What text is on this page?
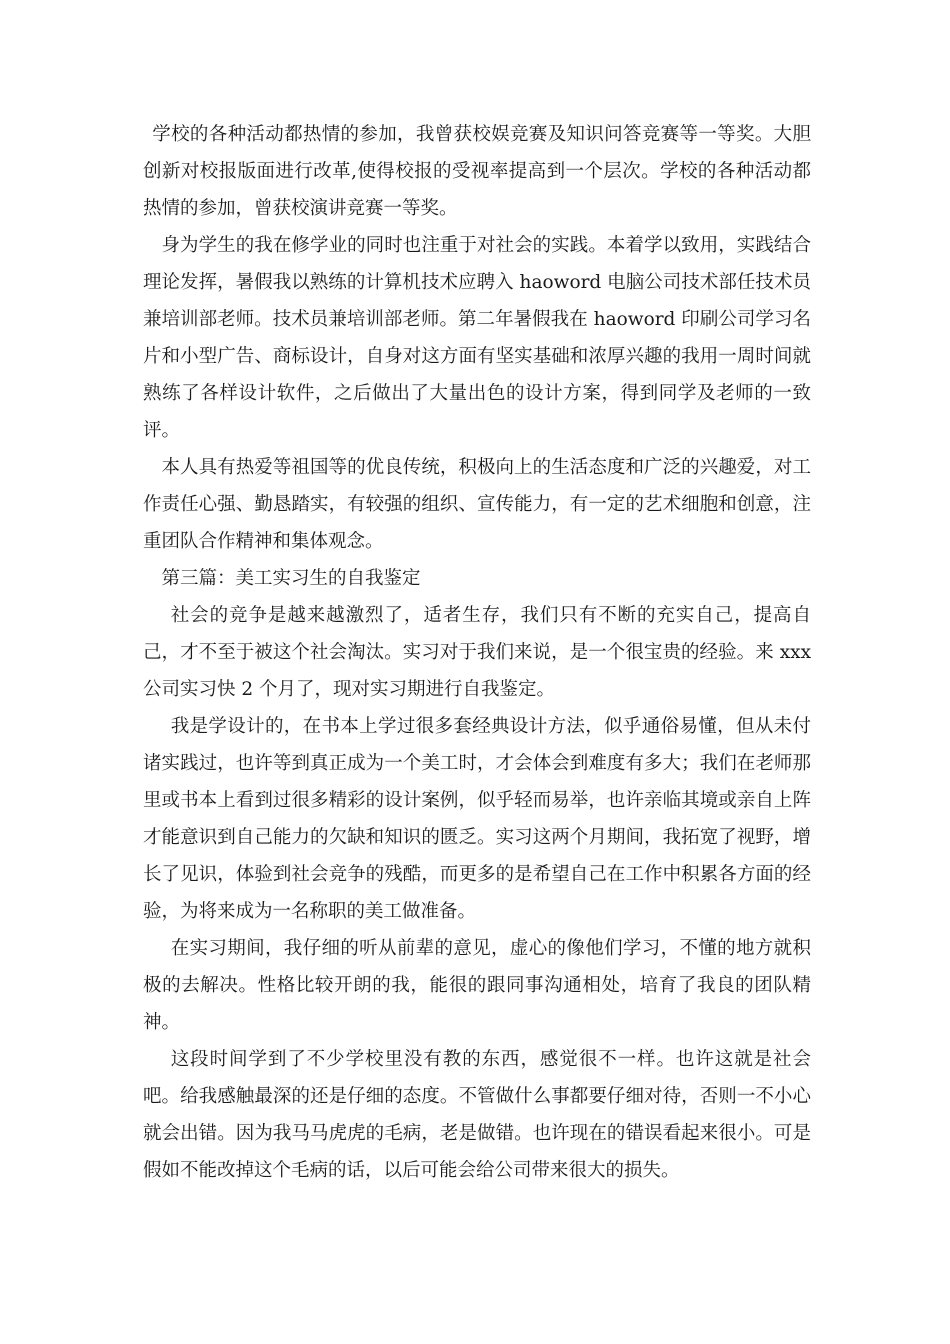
学校的各种活动都热情的参加，我曾获校娱竞赛及知识问答竞赛等一等奖。大胆创新对校报版面进行改革,使得校报的受视率提高到一个层次。学校的各种活动都热情的参加，曾获校演讲竞赛一等奖。

身为学生的我在修学业的同时也注重于对社会的实践。本着学以致用，实践结合理论发挥，暑假我以熟练的计算机技术应聘入 haoword 电脑公司技术部任技术员兼培训部老师。技术员兼培训部老师。第二年暑假我在 haoword 印刷公司学习名片和小型广告、商标设计，自身对这方面有坚实基础和浓厚兴趣的我用一周时间就熟练了各样设计软件，之后做出了大量出色的设计方案，得到同学及老师的一致评。

本人具有热爱等祖国等的优良传统，积极向上的生活态度和广泛的兴趣爱，对工作责任心强、勤恳踏实，有较强的组织、宣传能力，有一定的艺术细胞和创意，注重团队合作精神和集体观念。

第三篇：美工实习生的自我鉴定

社会的竞争是越来越激烈了，适者生存，我们只有不断的充实自己，提高自己，才不至于被这个社会淘汰。实习对于我们来说，是一个很宝贵的经验。来 xxx 公司实习快 2 个月了，现对实习期进行自我鉴定。

我是学设计的，在书本上学过很多套经典设计方法，似乎通俗易懂，但从未付诸实践过，也许等到真正成为一个美工时，才会体会到难度有多大；我们在老师那里或书本上看到过很多精彩的设计案例，似乎轻而易举，也许亲临其境或亲自上阵才能意识到自己能力的欠缺和知识的匮乏。实习这两个月期间，我拓宽了视野，增长了见识，体验到社会竞争的残酷，而更多的是希望自己在工作中积累各方面的经验，为将来成为一名称职的美工做准备。

在实习期间，我仔细的听从前辈的意见，虚心的像他们学习，不懂的地方就积极的去解决。性格比较开朗的我，能很的跟同事沟通相处，培育了我良的团队精神。

这段时间学到了不少学校里没有教的东西，感觉很不一样。也许这就是社会吧。给我感触最深的还是仔细的态度。不管做什么事都要仔细对待，否则一不小心就会出错。因为我马马虎虎的毛病，老是做错。也许现在的错误看起来很小。可是假如不能改掉这个毛病的话，以后可能会给公司带来很大的损失。
